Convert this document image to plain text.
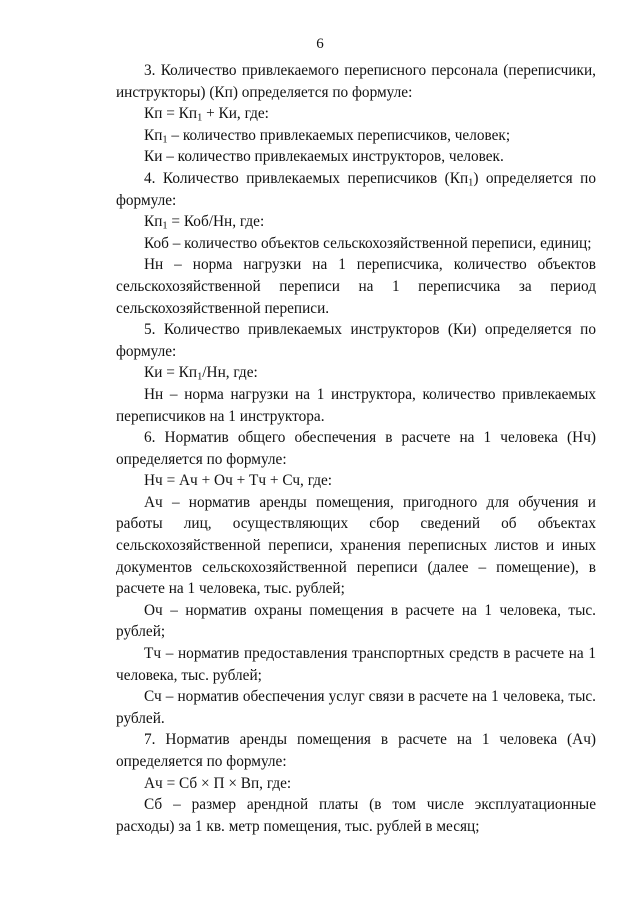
6

3. Количество привлекаемого переписного персонала (переписчики, инструкторы) (Кп) определяется по формуле:

Кп = $Кп_1$ + Ки, где:

$Кп_1$ – количество привлекаемых переписчиков, человек;

Ки – количество привлекаемых инструкторов, человек.

4. Количество привлекаемых переписчиков $(Кп_1)$ определяется по формуле:

$Кп_1 = Коб/Нн$, где:

Коб – количество объектов сельскохозяйственной переписи, единиц;

Нн – норма нагрузки на 1 переписчика, количество объектов сельскохозяйственной переписи на 1 переписчика за период сельскохозяйственной переписи.

5. Количество привлекаемых инструкторов (Ки) определяется по формуле:

Ки = $Кп_1/Нн$, где:

Нн – норма нагрузки на 1 инструктора, количество привлекаемых переписчиков на 1 инструктора.

6. Норматив общего обеспечения в расчете на 1 человека (Нч) определяется по формуле:

Нч = Ач + Оч + Тч + Сч, где:

Ач – норматив аренды помещения, пригодного для обучения и работы лиц, осуществляющих сбор сведений об объектах сельскохозяйственной переписи, хранения переписных листов и иных документов сельскохозяйственной переписи (далее – помещение), в расчете на 1 человека, тыс. рублей;

Оч – норматив охраны помещения в расчете на 1 человека, тыс. рублей;

Тч – норматив предоставления транспортных средств в расчете на 1 человека, тыс. рублей;

Сч – норматив обеспечения услуг связи в расчете на 1 человека, тыс. рублей.

7. Норматив аренды помещения в расчете на 1 человека (Ач) определяется по формуле:

Ач = Сб × П × Вп, где:

Сб – размер арендной платы (в том числе эксплуатационные расходы) за 1 кв. метр помещения, тыс. рублей в месяц;
